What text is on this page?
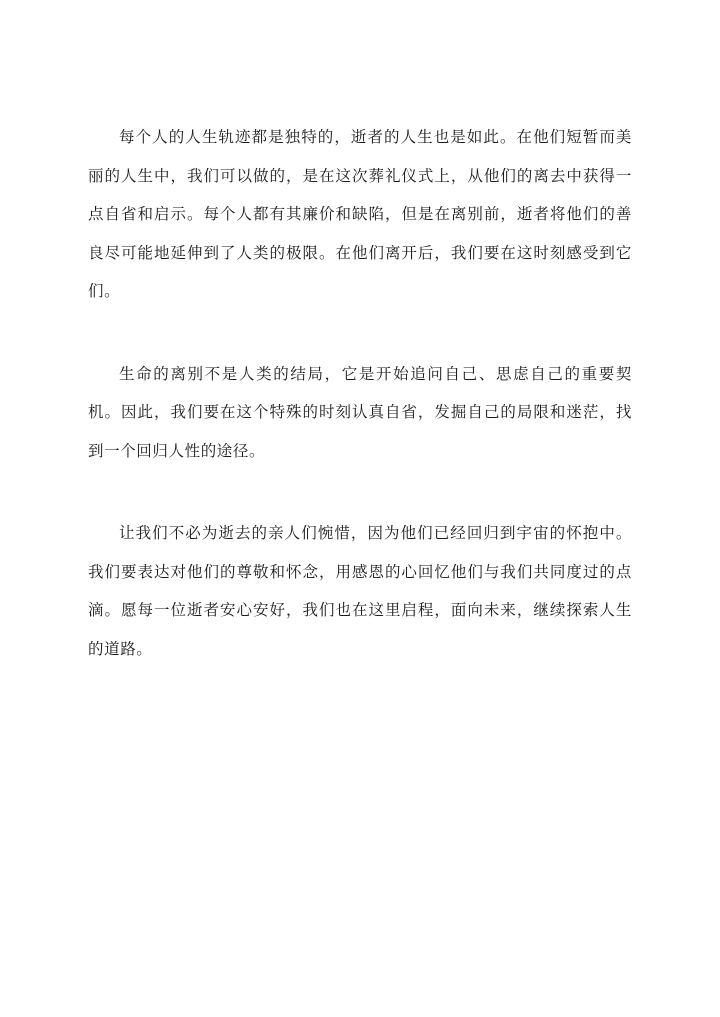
每个人的人生轨迹都是独特的，逝者的人生也是如此。在他们短暂而美丽的人生中，我们可以做的，是在这次葬礼仪式上，从他们的离去中获得一点自省和启示。每个人都有其廉价和缺陷，但是在离别前，逝者将他们的善良尽可能地延伸到了人类的极限。在他们离开后，我们要在这时刻感受到它们。

生命的离别不是人类的结局，它是开始追问自己、思虑自己的重要契机。因此，我们要在这个特殊的时刻认真自省，发掘自己的局限和迷茫，找到一个回归人性的途径。

让我们不必为逝去的亲人们惋惜，因为他们已经回归到宇宙的怀抱中。我们要表达对他们的尊敬和怀念，用感恩的心回忆他们与我们共同度过的点滴。愿每一位逝者安心安好，我们也在这里启程，面向未来，继续探索人生的道路。
